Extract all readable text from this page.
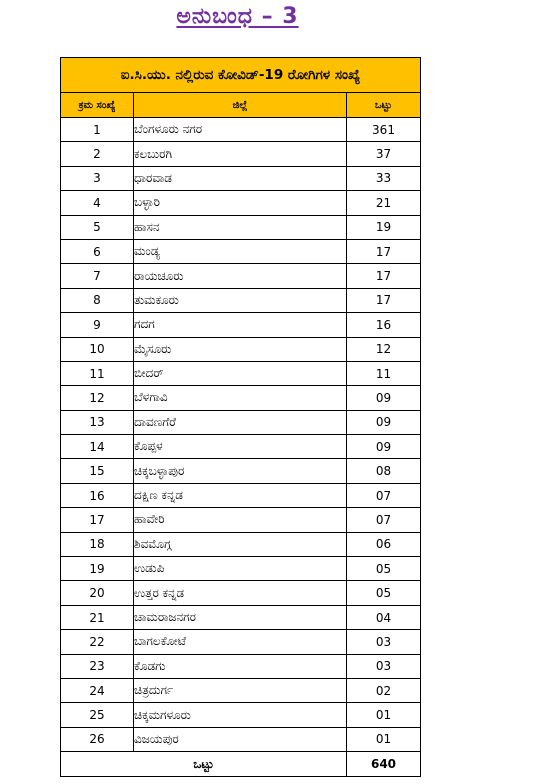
ಅನುಬಂಧ – 3
ಐ.ಸಿ.ಯು. ನಲ್ಲಿರುವ ಕೋವಿಡ್-19 ರೋಗಿಗಳ ಸಂಖ್ಯೆ		
ಕ್ರಮ ಸಂಖ್ಯೆ	ಜಿಲ್ಲೆ	ಒಟ್ಟು
1	ಬೆಂಗಳೂರು ನಗರ	361
2	ಕಲಬುರಗಿ	37
3	ಧಾರವಾಡ	33
4	ಬಳ್ಳಾರಿ	21
5	ಹಾಸನ	19
6	ಮಂಡ್ಯ	17
7	ರಾಯಚೂರು	17
8	ತುಮಕೂರು	17
9	ಗದಗ	16
10	ಮೈಸೂರು	12
11	ಬೀದರ್	11
12	ಬೆಳಗಾವಿ	09
13	ದಾವಣಗೆರೆ	09
14	ಕೊಪ್ಪಳ	09
15	ಚಿಕ್ಕಬಳ್ಳಾಪುರ	08
16	ದಕ್ಷಿಣ ಕನ್ನಡ	07
17	ಹಾವೇರಿ	07
18	ಶಿವಮೊಗ್ಗ	06
19	ಉಡುಪಿ	05
20	ಉತ್ತರ ಕನ್ನಡ	05
21	ಚಾಮರಾಜನಗರ	04
22	ಬಾಗಲಕೋಟೆ	03
23	ಕೊಡಗು	03
24	ಚಿತ್ರದುರ್ಗ	02
25	ಚಿಕ್ಕಮಗಳೂರು	01
26	ವಿಜಯಪುರ	01
ಒಟ್ಟು		640
